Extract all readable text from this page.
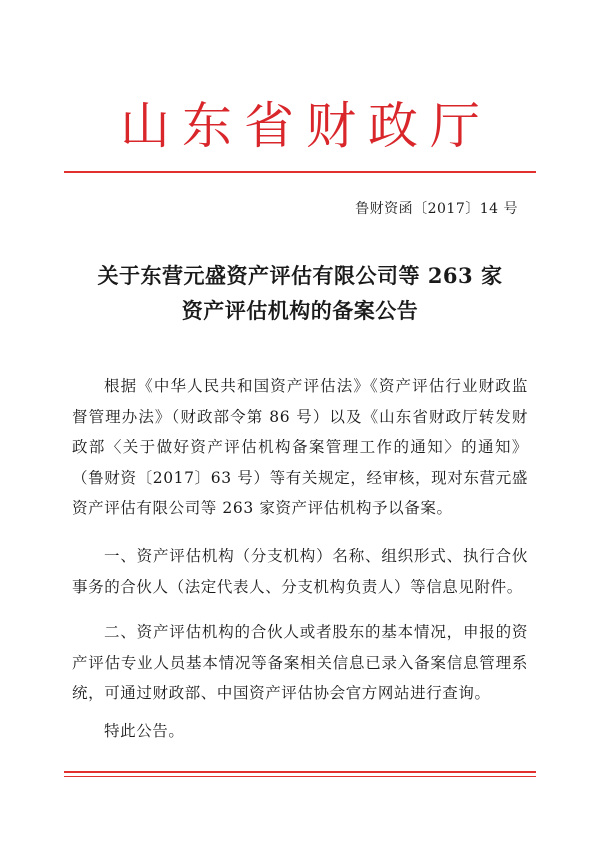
山东省财政厅
鲁财资函〔2017〕14 号
关于东营元盛资产评估有限公司等 263 家
资产评估机构的备案公告
根据《中华人民共和国资产评估法》《资产评估行业财政监督管理办法》（财政部令第 86 号）以及《山东省财政厅转发财政部〈关于做好资产评估机构备案管理工作的通知〉的通知》（鲁财资〔2017〕63 号）等有关规定，经审核，现对东营元盛资产评估有限公司等 263 家资产评估机构予以备案。
一、资产评估机构（分支机构）名称、组织形式、执行合伙事务的合伙人（法定代表人、分支机构负责人）等信息见附件。
二、资产评估机构的合伙人或者股东的基本情况，申报的资产评估专业人员基本情况等备案相关信息已录入备案信息管理系统，可通过财政部、中国资产评估协会官方网站进行查询。
特此公告。
